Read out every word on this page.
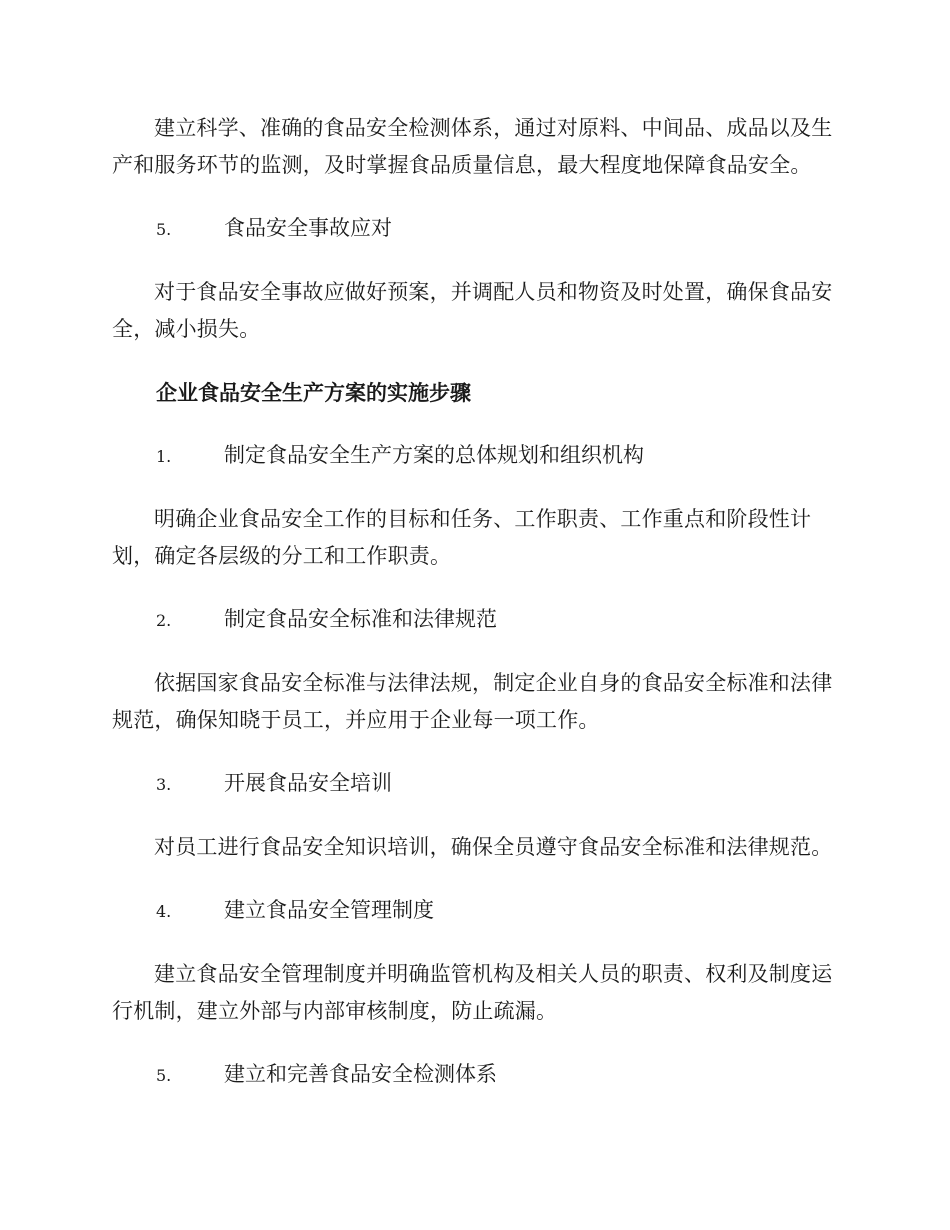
建立科学、准确的食品安全检测体系，通过对原料、中间品、成品以及生产和服务环节的监测，及时掌握食品质量信息，最大程度地保障食品安全。

5.	食品安全事故应对

对于食品安全事故应做好预案，并调配人员和物资及时处置，确保食品安全，减小损失。

企业食品安全生产方案的实施步骤
1.	制定食品安全生产方案的总体规划和组织机构

明确企业食品安全工作的目标和任务、工作职责、工作重点和阶段性计划，确定各层级的分工和工作职责。

2.	制定食品安全标准和法律规范

依据国家食品安全标准与法律法规，制定企业自身的食品安全标准和法律规范，确保知晓于员工，并应用于企业每一项工作。

3.	开展食品安全培训

对员工进行食品安全知识培训，确保全员遵守食品安全标准和法律规范。

4.	建立食品安全管理制度

建立食品安全管理制度并明确监管机构及相关人员的职责、权利及制度运行机制，建立外部与内部审核制度，防止疏漏。

5.	建立和完善食品安全检测体系
